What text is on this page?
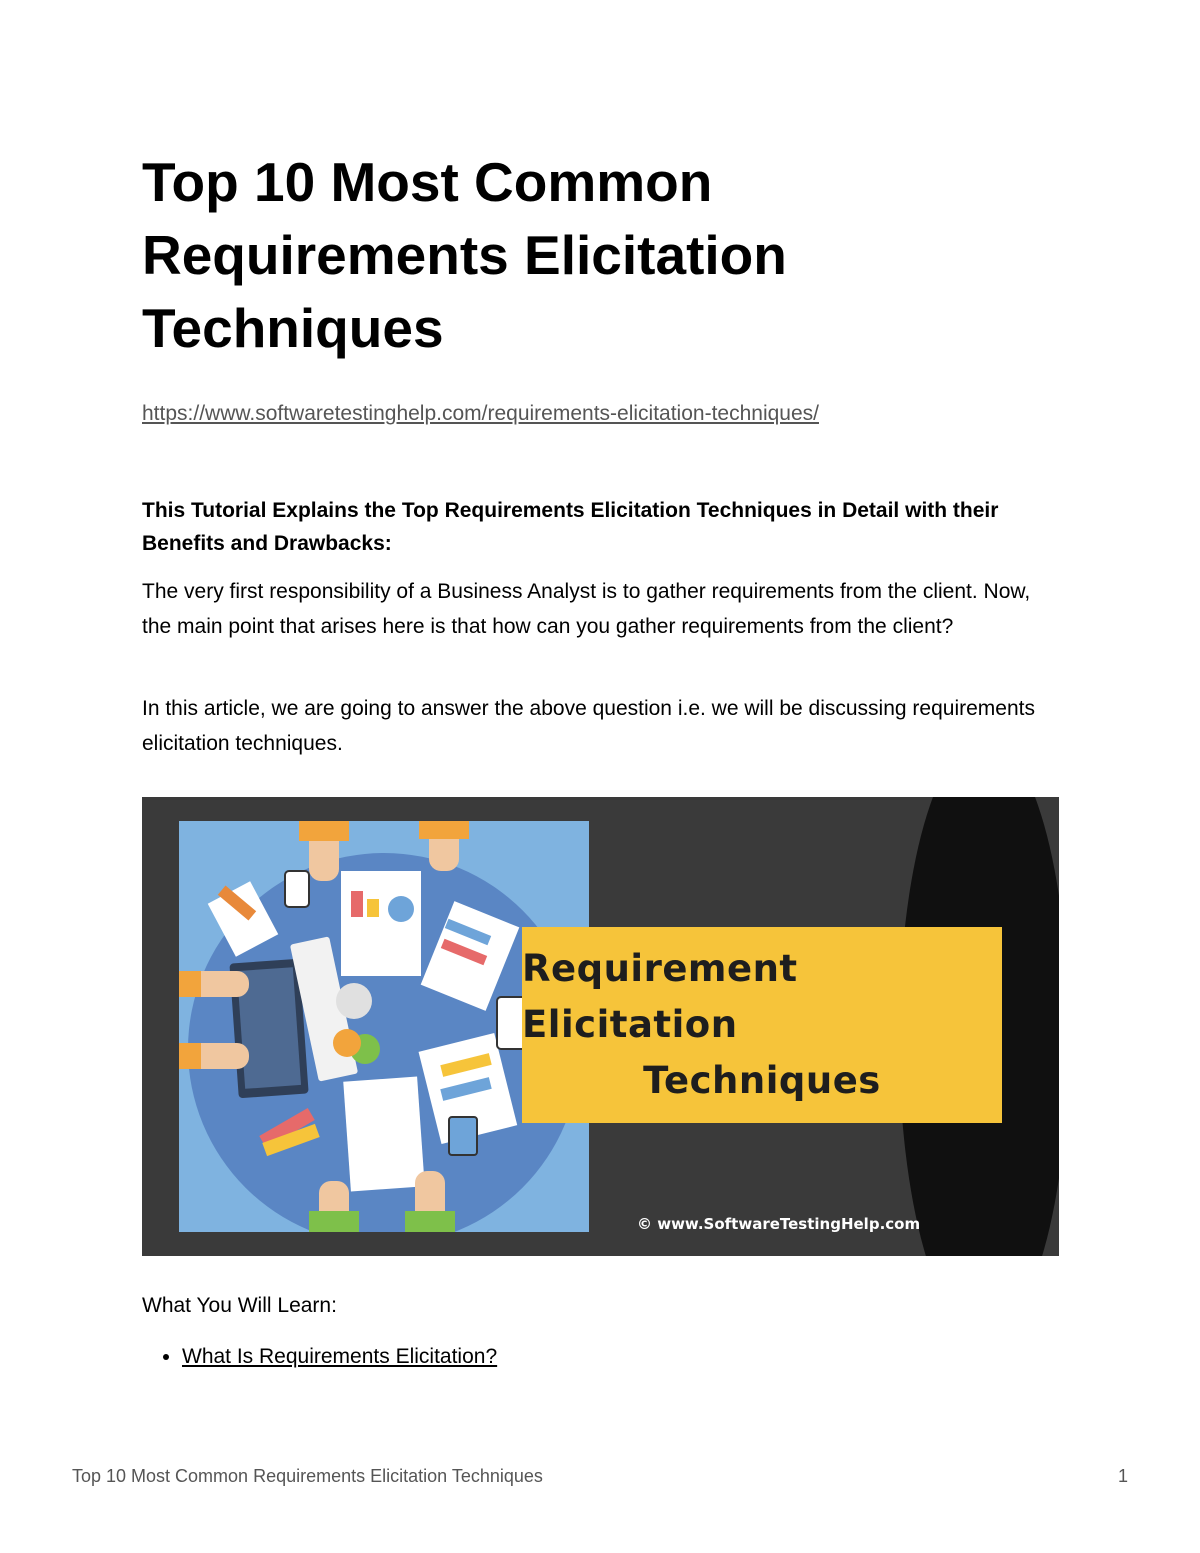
Top 10 Most Common
Requirements Elicitation
Techniques
https://www.softwaretestinghelp.com/requirements-elicitation-techniques/

This Tutorial Explains the Top Requirements Elicitation Techniques in Detail with their Benefits and Drawbacks:

The very first responsibility of a Business Analyst is to gather requirements from the client. Now, the main point that arises here is that how can you gather requirements from the client?

In this article, we are going to answer the above question i.e. we will be discussing requirements elicitation techniques.

Requirement Elicitation
Techniques
© www.SoftwareTestingHelp.com
What You Will Learn:
• What Is Requirements Elicitation?
Top 10 Most Common Requirements Elicitation Techniques	1
